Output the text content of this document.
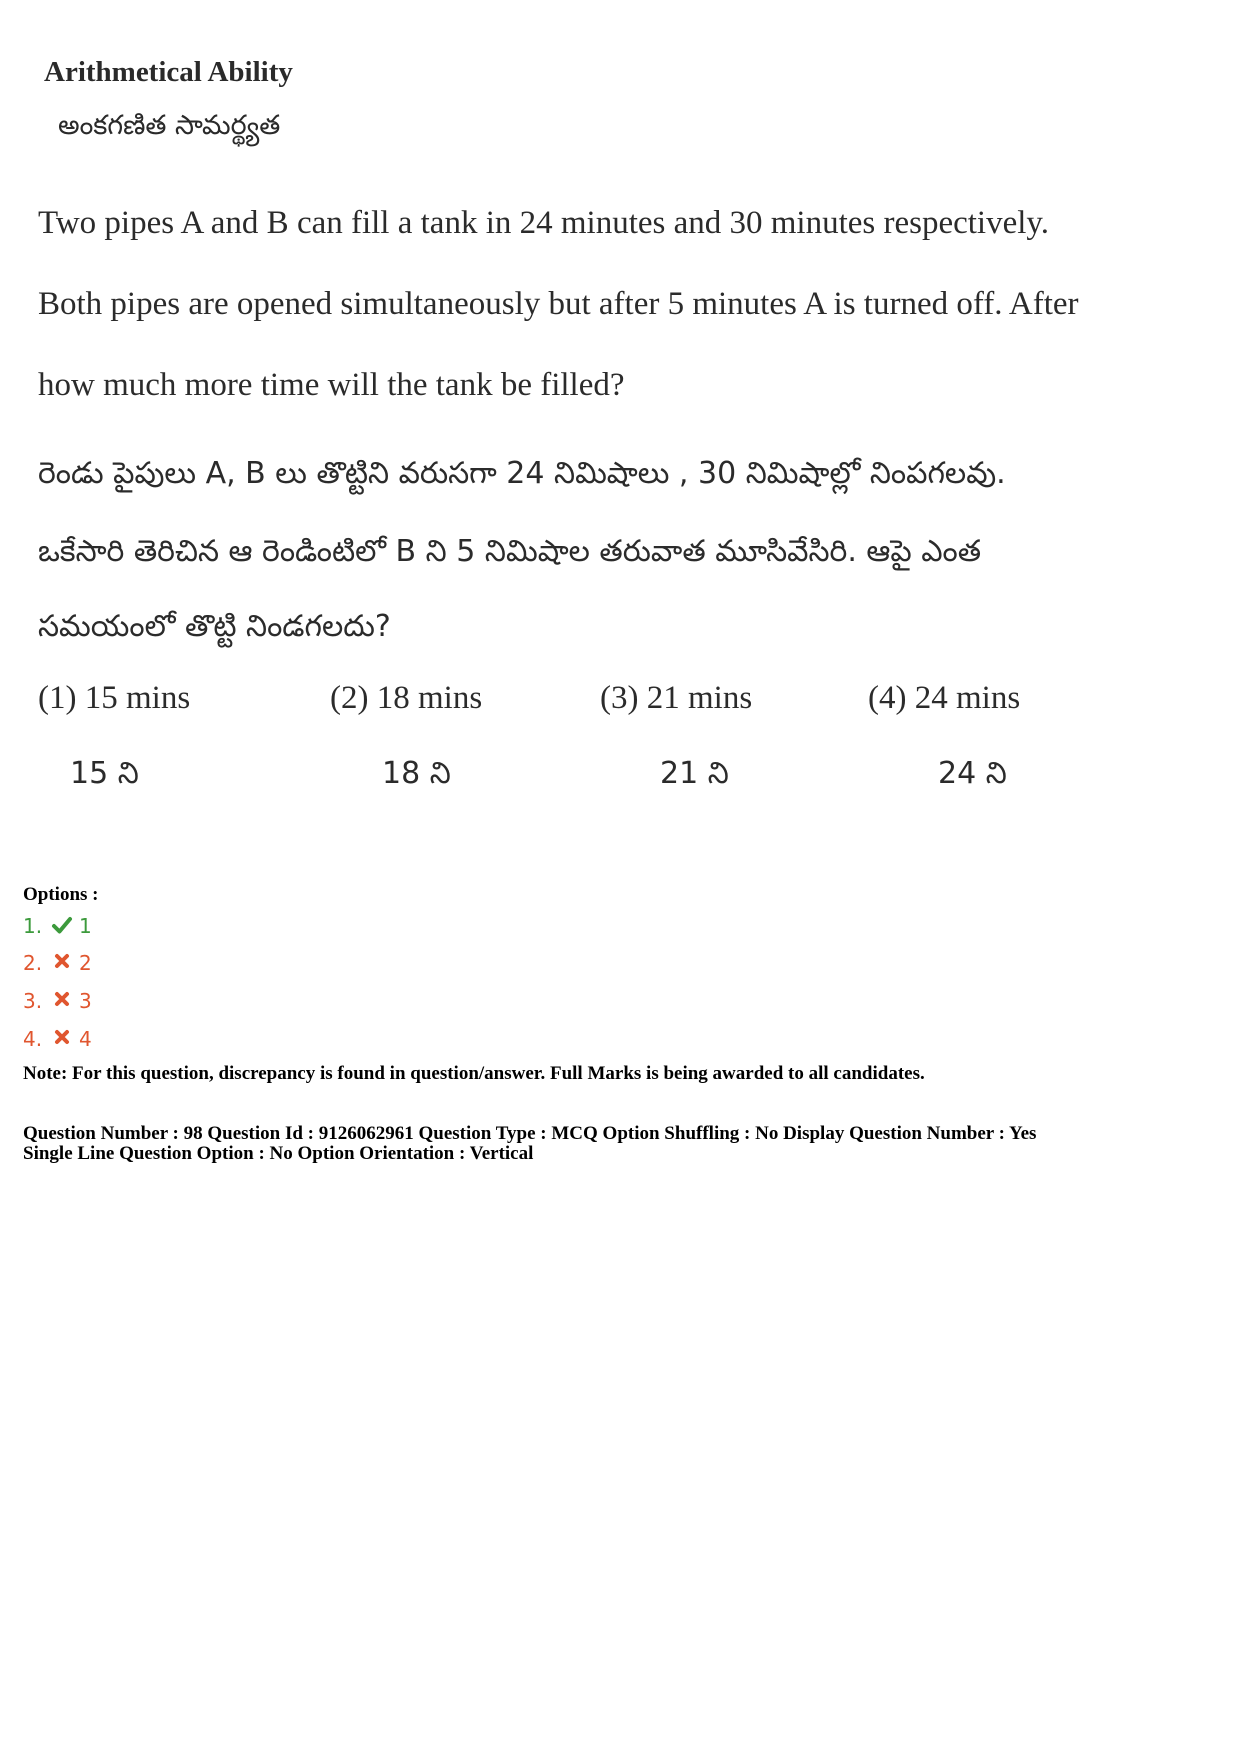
Arithmetical Ability
అంకగణిత సామర్థ్యత
Two pipes A and B can fill a tank in 24 minutes and 30 minutes respectively.
Both pipes are opened simultaneously but after 5 minutes A is turned off. After
how much more time will the tank be filled?
రెండు పైపులు A, B లు తొట్టిని వరుసగా 24 నిమిషాలు , 30 నిమిషాల్లో నింపగలవు.
ఒకేసారి తెరిచిన ఆ రెండింటిలో B ని 5 నిమిషాల తరువాత మూసివేసిరి. ఆపై ఎంత
సమయంలో తొట్టి నిండగలదు?
(1) 15 mins	(2) 18 mins	(3) 21 mins	(4) 24 mins
15 ని	18 ని	21 ని	24 ని
Options :
1.	1
2.	2
3.	3
4.	4
Note: For this question, discrepancy is found in question/answer. Full Marks is being awarded to all candidates.
Question Number : 98 Question Id : 9126062961 Question Type : MCQ Option Shuffling : No Display Question Number : Yes
Single Line Question Option : No Option Orientation : Vertical
